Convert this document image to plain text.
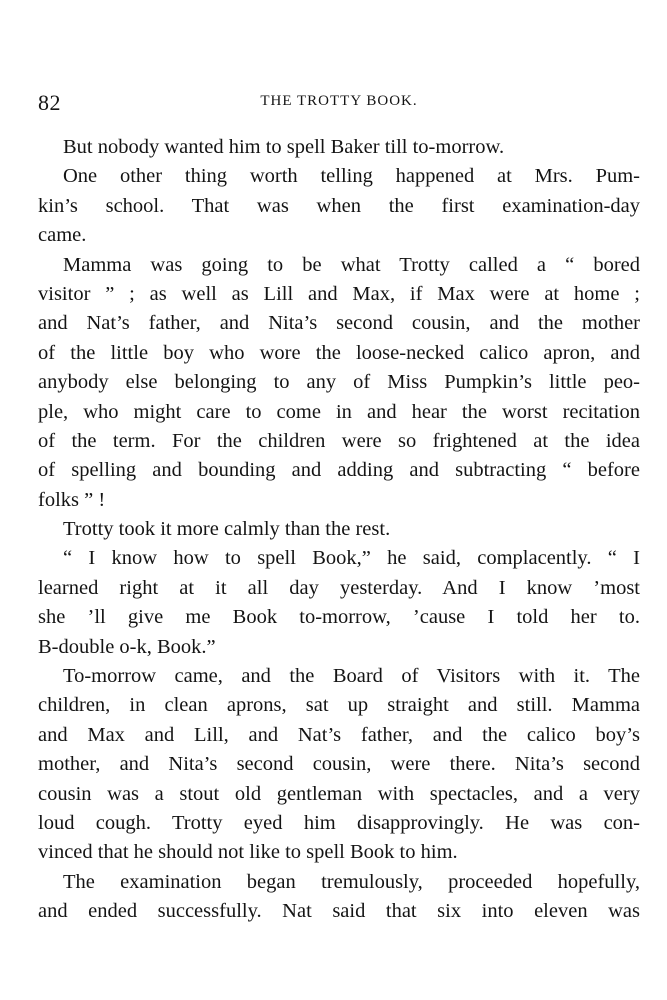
82	THE TROTTY BOOK.
But nobody wanted him to spell Baker till to-morrow.
One other thing worth telling happened at Mrs. Pum-
kin’s school. That was when the first examination-day
came.
Mamma was going to be what Trotty called a “ bored
visitor ” ; as well as Lill and Max, if Max were at home ;
and Nat’s father, and Nita’s second cousin, and the mother
of the little boy who wore the loose-necked calico apron, and
anybody else belonging to any of Miss Pumpkin’s little peo-
ple, who might care to come in and hear the worst recitation
of the term. For the children were so frightened at the idea
of spelling and bounding and adding and subtracting “ before
folks ” !
Trotty took it more calmly than the rest.
“ I know how to spell Book,” he said, complacently. “ I
learned right at it all day yesterday. And I know ’most
she ’ll give me Book to-morrow, ’cause I told her to.
B-double o-k, Book.”
To-morrow came, and the Board of Visitors with it. The
children, in clean aprons, sat up straight and still. Mamma
and Max and Lill, and Nat’s father, and the calico boy’s
mother, and Nita’s second cousin, were there. Nita’s second
cousin was a stout old gentleman with spectacles, and a very
loud cough. Trotty eyed him disapprovingly. He was con-
vinced that he should not like to spell Book to him.
The examination began tremulously, proceeded hopefully,
and ended successfully. Nat said that six into eleven was
